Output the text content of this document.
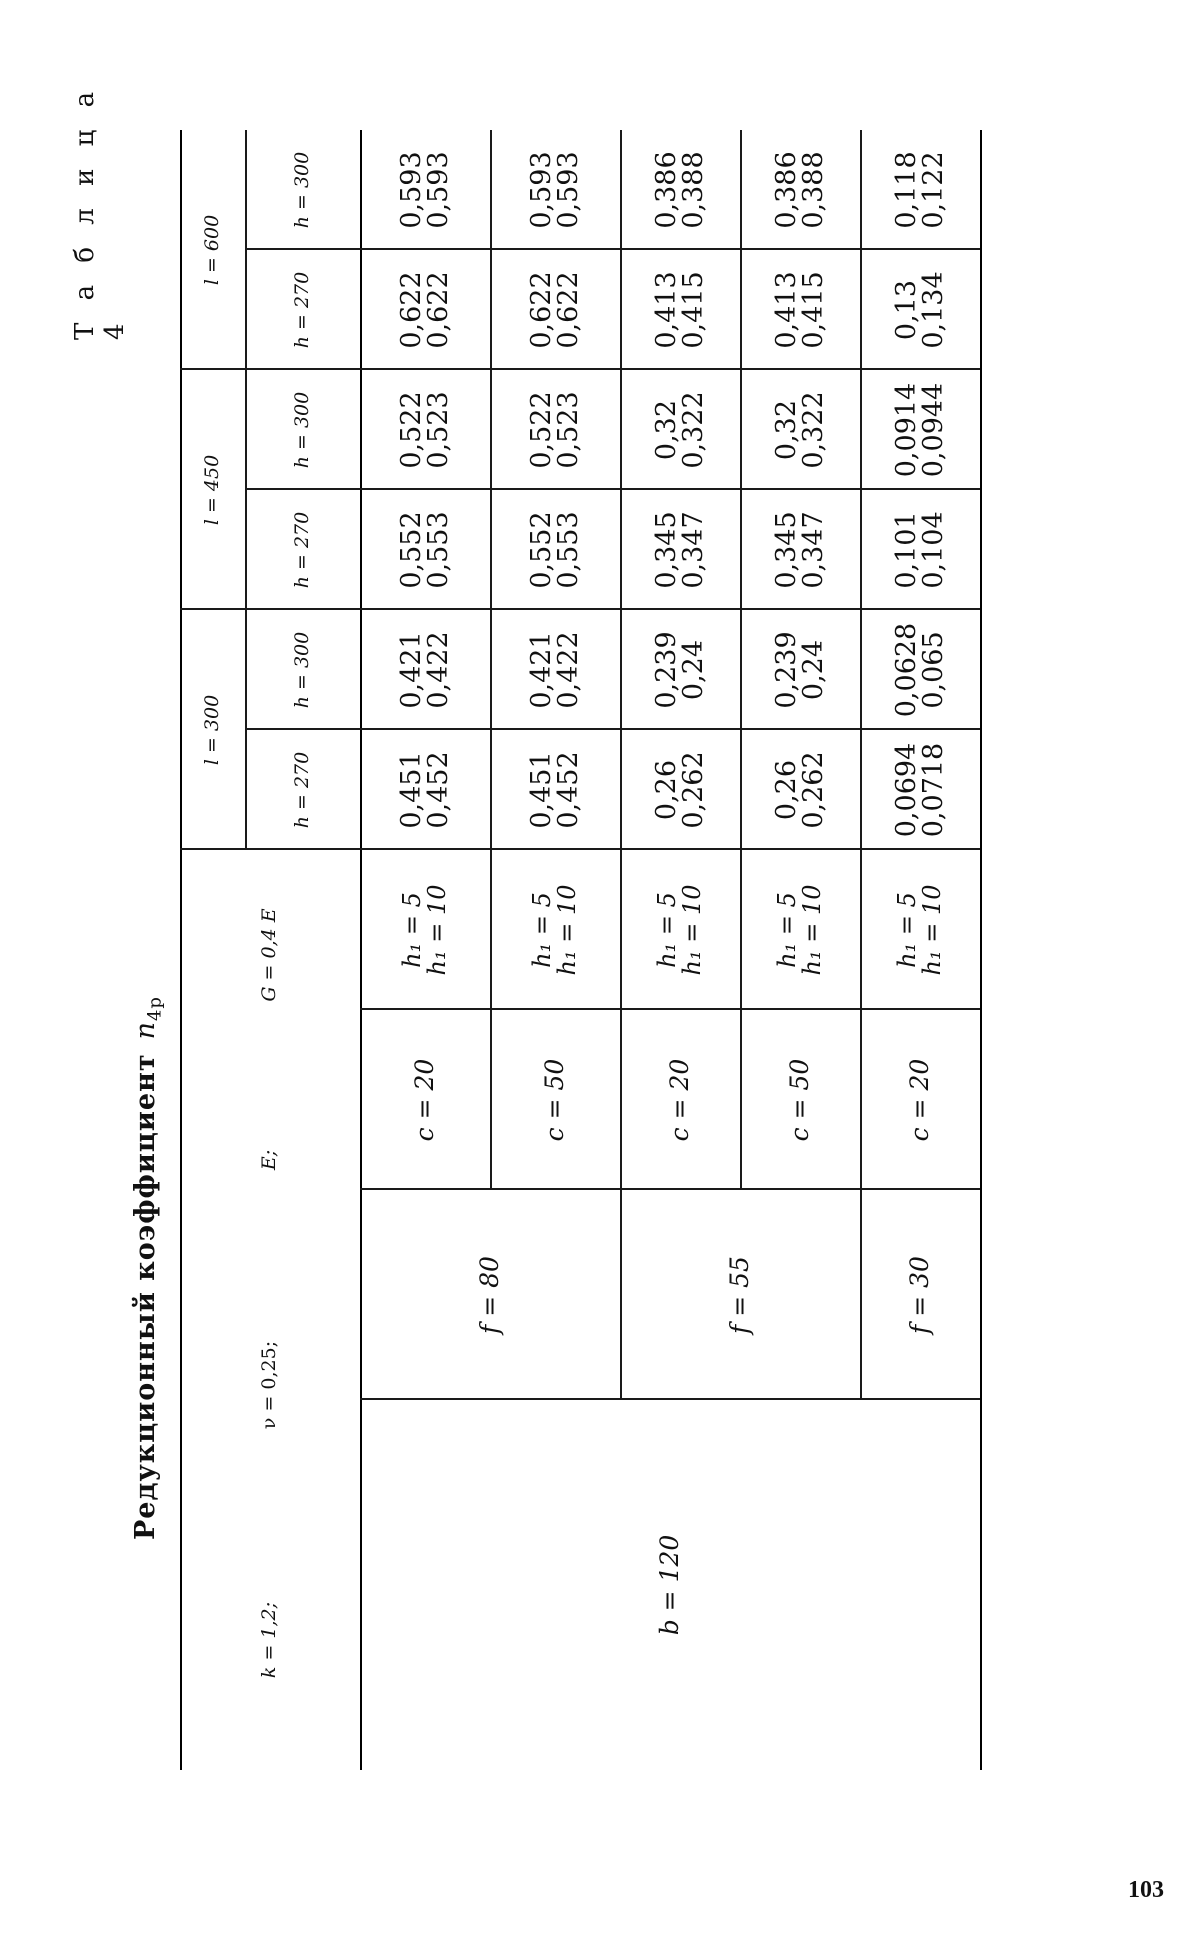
Т а б л и ц а 4
Редукционный коэффициентn$_{4р}$
k = 1,2;
ν = 0,25;
E;
G = 0,4 E
l = 300
l = 450
l = 600
h = 270
h = 300
h = 270
h = 300
h = 270
h = 300
b = 120
f = 80	f = 55	f = 30
c = 20
h₁ = 5
h₁ = 10
0,451
0,452
0,421
0,422
0,552
0,553
0,522
0,523
0,622
0,622
0,593
0,593
c = 50
h₁ = 5
h₁ = 10
0,451
0,452
0,421
0,422
0,552
0,553
0,522
0,523
0,622
0,622
0,593
0,593
c = 20
h₁ = 5
h₁ = 10
0,26
0,262
0,239
0,24
0,345
0,347
0,32
0,322
0,413
0,415
0,386
0,388
c = 50
h₁ = 5
h₁ = 10
0,26
0,262
0,239
0,24
0,345
0,347
0,32
0,322
0,413
0,415
0,386
0,388
c = 20
h₁ = 5
h₁ = 10
0,0694
0,0718
0,0628
0,065
0,101
0,104
0,0914
0,0944
0,13
0,134
0,118
0,122
103
